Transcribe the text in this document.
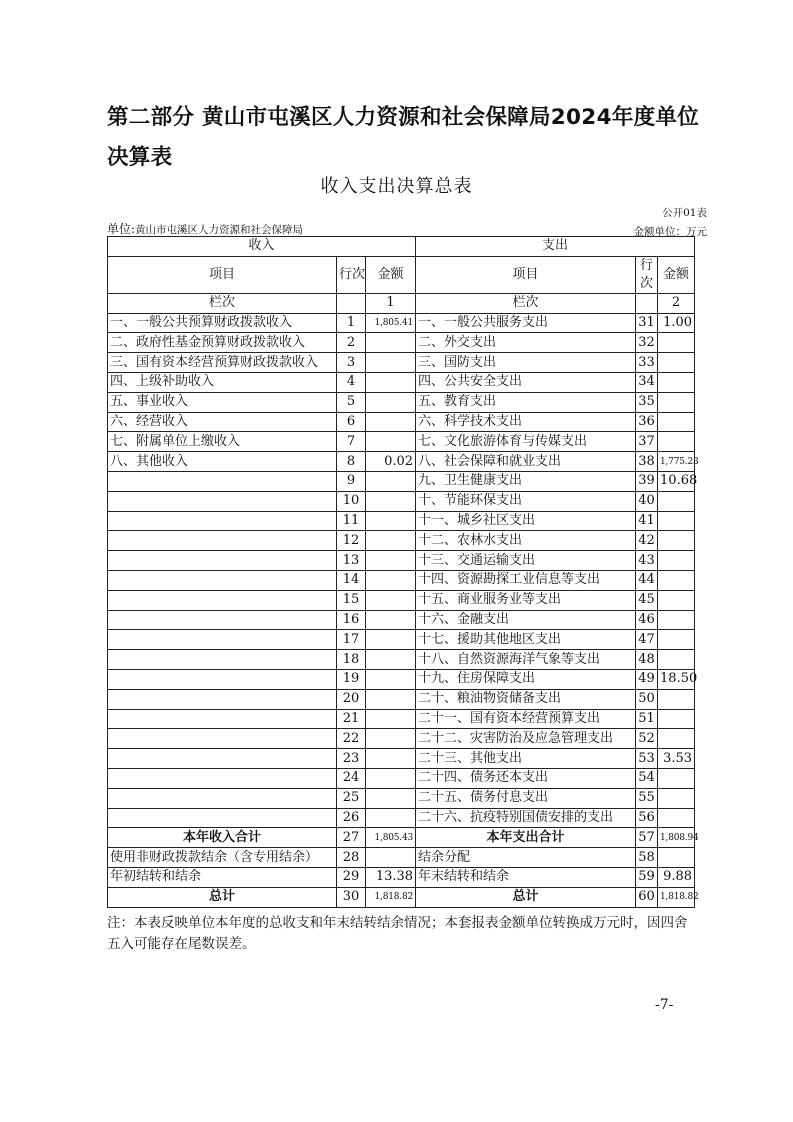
第二部分 黄山市屯溪区人力资源和社会保障局2024年度单位决算表
收入支出决算总表
公开01表
单位:黄山市屯溪区人力资源和社会保障局	金额单位：万元
收入			支出		
项目	行次	金额	项目	行次	金额
栏次		1	栏次		2
一、一般公共预算财政拨款收入	1	1,805.41	一、一般公共服务支出	31	1.00
二、政府性基金预算财政拨款收入	2		二、外交支出	32	
三、国有资本经营预算财政拨款收入	3		三、国防支出	33	
四、上级补助收入	4		四、公共安全支出	34	
五、事业收入	5		五、教育支出	35	
六、经营收入	6		六、科学技术支出	36	
七、附属单位上缴收入	7		七、文化旅游体育与传媒支出	37	
八、其他收入	8	0.02	八、社会保障和就业支出	38	1,775.23
	9		九、卫生健康支出	39	10.68
	10		十、节能环保支出	40	
	11		十一、城乡社区支出	41	
	12		十二、农林水支出	42	
	13		十三、交通运输支出	43	
	14		十四、资源勘探工业信息等支出	44	
	15		十五、商业服务业等支出	45	
	16		十六、金融支出	46	
	17		十七、援助其他地区支出	47	
	18		十八、自然资源海洋气象等支出	48	
	19		十九、住房保障支出	49	18.50
	20		二十、粮油物资储备支出	50	
	21		二十一、国有资本经营预算支出	51	
	22		二十二、灾害防治及应急管理支出	52	
	23		二十三、其他支出	53	3.53
	24		二十四、债务还本支出	54	
	25		二十五、债务付息支出	55	
	26		二十六、抗疫特别国债安排的支出	56	
本年收入合计	27	1,805.43	本年支出合计	57	1,808.94
使用非财政拨款结余（含专用结余）	28		结余分配	58	
年初结转和结余	29	13.38	年末结转和结余	59	9.88
总计	30	1,818.82	总计	60	1,818.82
注：本表反映单位本年度的总收支和年末结转结余情况；本套报表金额单位转换成万元时，因四舍五入可能存在尾数误差。
-7-
